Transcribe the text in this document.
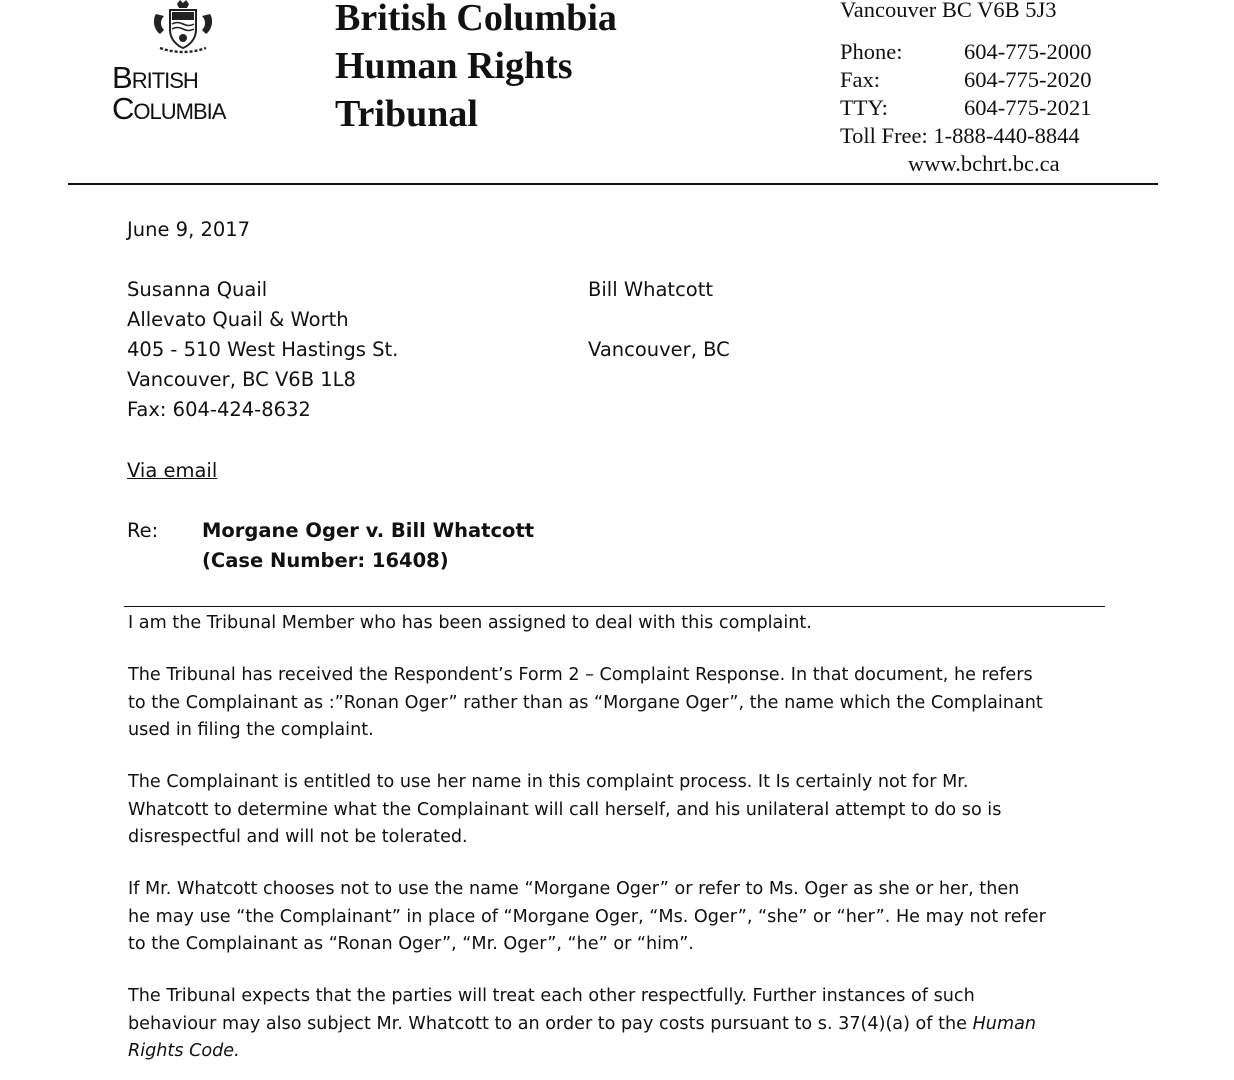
BRITISH
COLUMBIA
British Columbia
Human Rights
Tribunal
Vancouver BC V6B 5J3
Phone:	604-775-2000
Fax:	604-775-2020
TTY:	604-775-2021
Toll Free: 1-888-440-8844
www.bchrt.bc.ca
June 9, 2017
Susanna Quail
Allevato Quail & Worth
405 - 510 West Hastings St.
Vancouver, BC V6B 1L8
Fax: 604-424-8632
Bill Whatcott
Vancouver, BC
Via email
Re: Morgane Oger v. Bill Whatcott
(Case Number: 16408)
I am the Tribunal Member who has been assigned to deal with this complaint.
The Tribunal has received the Respondent’s Form 2 – Complaint Response. In that document, he refers
to the Complainant as :”Ronan Oger” rather than as “Morgane Oger”, the name which the Complainant
used in filing the complaint.
The Complainant is entitled to use her name in this complaint process. It Is certainly not for Mr.
Whatcott to determine what the Complainant will call herself, and his unilateral attempt to do so is
disrespectful and will not be tolerated.
If Mr. Whatcott chooses not to use the name “Morgane Oger” or refer to Ms. Oger as she or her, then
he may use “the Complainant” in place of “Morgane Oger, “Ms. Oger”, “she” or “her”. He may not refer
to the Complainant as “Ronan Oger”, “Mr. Oger”, “he” or “him”.
The Tribunal expects that the parties will treat each other respectfully. Further instances of such
behaviour may also subject Mr. Whatcott to an order to pay costs pursuant to s. 37(4)(a) of the Human
Rights Code.
